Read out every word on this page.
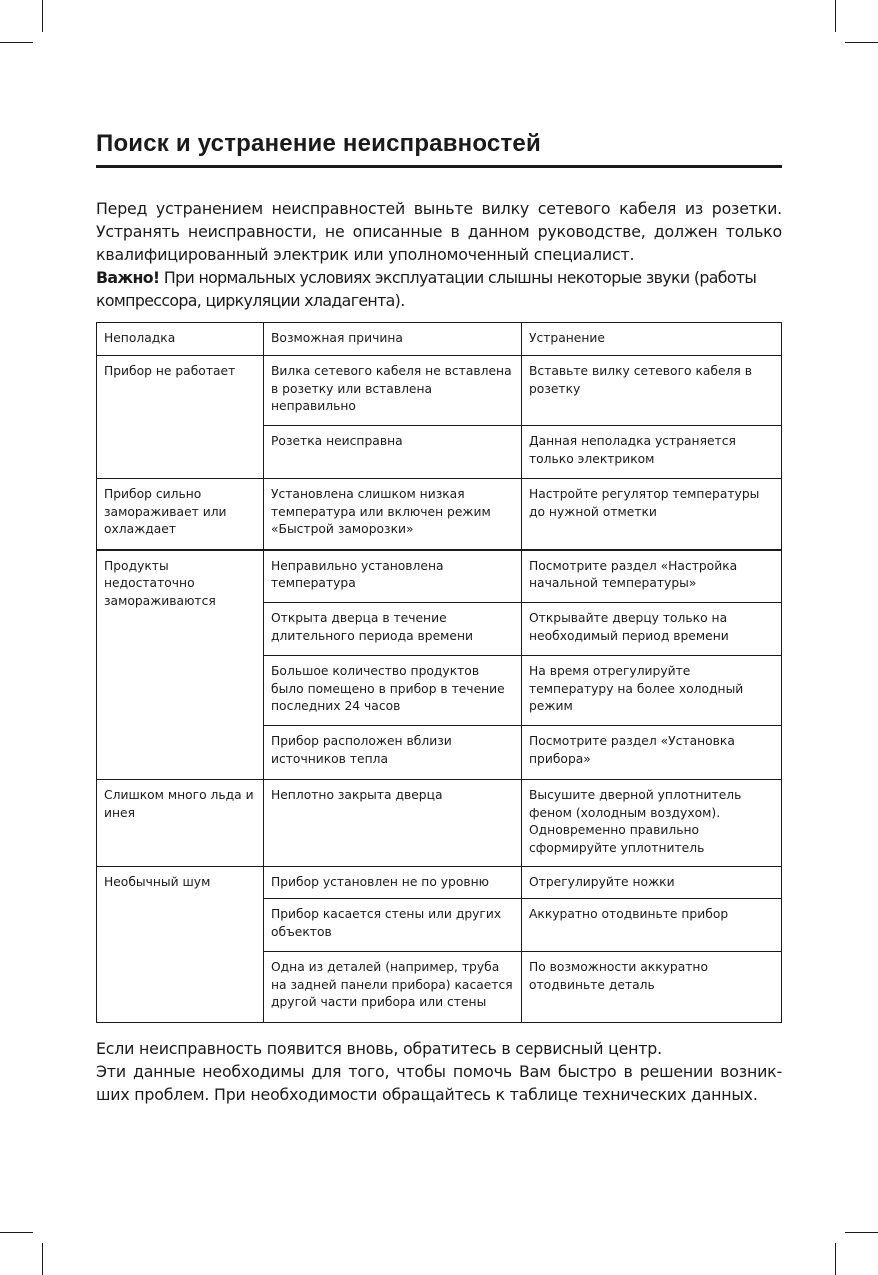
Поиск и устранение неисправностей

Перед устранением неисправностей выньте вилку сетевого кабеля из розетки. Устранять неисправности, не описанные в данном руководстве, должен только квалифицированный электрик или уполномоченный специалист.

Важно! При нормальных условиях эксплуатации слышны некоторые звуки (работы компрессора, циркуляции хладагента).

Неполадка	Возможная причина	Устранение
Прибор не работает	Вилка сетевого кабеля не вставлена в розетку или вставлена неправильно	Вставьте вилку сетевого кабеля в розетку
	Розетка неисправна	Данная неполадка устраняется только электриком
Прибор сильно замораживает или охлаждает	Установлена слишком низкая температура или включен режим «Быстрой заморозки»	Настройте регулятор температуры до нужной отметки
Продукты недостаточно замораживаются	Неправильно установлена температура	Посмотрите раздел «Настройка начальной температуры»
	Открыта дверца в течение длительного периода времени	Открывайте дверцу только на необходимый период времени
	Большое количество продуктов было помещено в прибор в течение последних 24 часов	На время отрегулируйте температуру на более холодный режим
	Прибор расположен вблизи источников тепла	Посмотрите раздел «Установка прибора»
Слишком много льда и инея	Неплотно закрыта дверца	Высушите дверной уплотнитель феном (холодным воздухом). Одновременно правильно сформируйте уплотнитель
Необычный шум	Прибор установлен не по уровню	Отрегулируйте ножки
	Прибор касается стены или других объектов	Аккуратно отодвиньте прибор
	Одна из деталей (например, труба на задней панели прибора) касается другой части прибора или стены	По возможности аккуратно отодвиньте деталь

Если неисправность появится вновь, обратитесь в сервисный центр.

Эти данные необходимы для того, чтобы помочь Вам быстро в решении возник-ших проблем. При необходимости обращайтесь к таблице технических данных.
